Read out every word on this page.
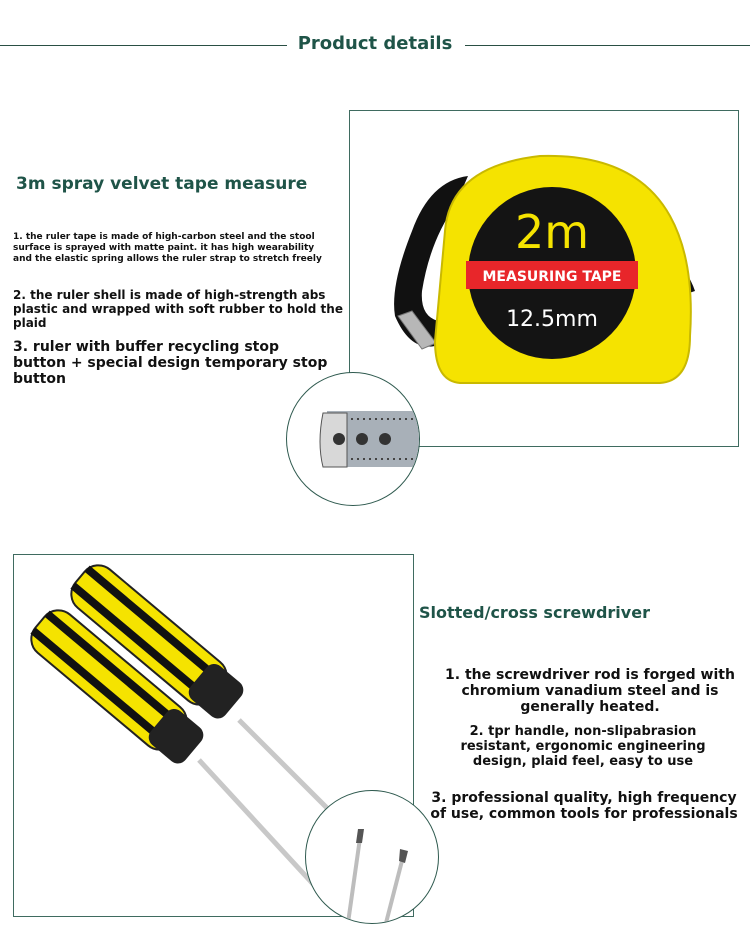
Product details
3m spray velvet tape measure

1. the ruler tape is made of high-carbon steel and the stool surface is sprayed with matte paint. it has high wearability and the elastic spring allows the ruler strap to stretch freely

2. the ruler shell is made of high-strength abs plastic and wrapped with soft rubber to hold the plaid

3. ruler with buffer recycling stop button + special design temporary stop button

2m
MEASURING TAPE
12.5mm
Slotted/cross screwdriver

1. the screwdriver rod is forged with chromium vanadium steel and is generally heated.

2. tpr handle, non-slipabrasion resistant, ergonomic engineering design, plaid feel, easy to use

3. professional quality, high frequency of use, common tools for professionals
